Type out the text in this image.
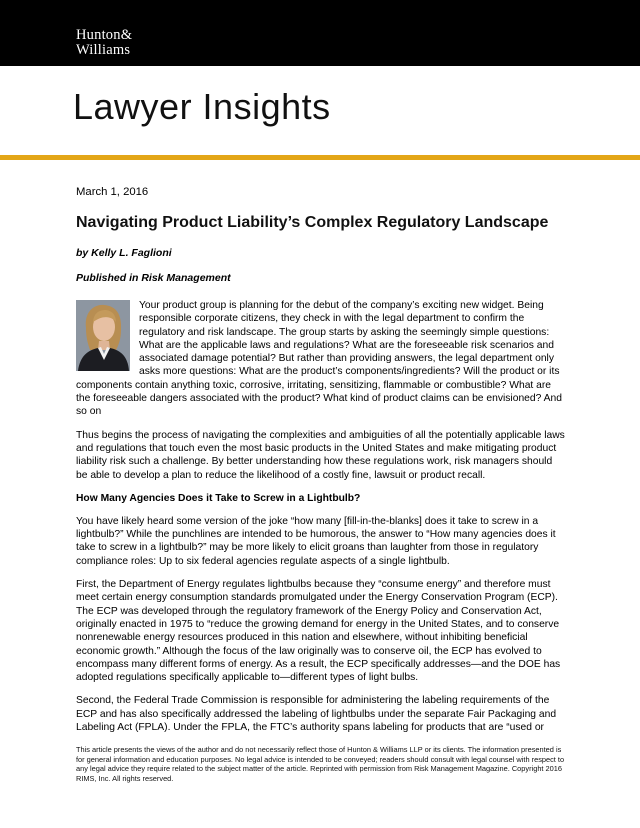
Hunton&
Williams
Lawyer Insights

March 1, 2016

Navigating Product Liability’s Complex Regulatory Landscape

by Kelly L. Faglioni

Published in Risk Management

Your product group is planning for the debut of the company’s exciting new widget. Being responsible corporate citizens, they check in with the legal department to confirm the regulatory and risk landscape. The group starts by asking the seemingly simple questions: What are the applicable laws and regulations? What are the foreseeable risk scenarios and associated damage potential? But rather than providing answers, the legal department only asks more questions: What are the product’s components/ingredients? Will the product or its components contain anything toxic, corrosive, irritating, sensitizing, flammable or combustible? What are the foreseeable dangers associated with the product? What kind of product claims can be envisioned? And so on

Thus begins the process of navigating the complexities and ambiguities of all the potentially applicable laws and regulations that touch even the most basic products in the United States and make mitigating product liability risk such a challenge. By better understanding how these regulations work, risk managers should be able to develop a plan to reduce the likelihood of a costly fine, lawsuit or product recall.

How Many Agencies Does it Take to Screw in a Lightbulb?

You have likely heard some version of the joke “how many [fill-in-the-blanks] does it take to screw in a lightbulb?” While the punchlines are intended to be humorous, the answer to “How many agencies does it take to screw in a lightbulb?” may be more likely to elicit groans than laughter from those in regulatory compliance roles: Up to six federal agencies regulate aspects of a single lightbulb.

First, the Department of Energy regulates lightbulbs because they “consume energy” and therefore must meet certain energy consumption standards promulgated under the Energy Conservation Program (ECP). The ECP was developed through the regulatory framework of the Energy Policy and Conservation Act, originally enacted in 1975 to “reduce the growing demand for energy in the United States, and to conserve nonrenewable energy resources produced in this nation and elsewhere, without inhibiting beneficial economic growth.” Although the focus of the law originally was to conserve oil, the ECP has evolved to encompass many different forms of energy. As a result, the ECP specifically addresses—and the DOE has adopted regulations specifically applicable to—different types of light bulbs.

Second, the Federal Trade Commission is responsible for administering the labeling requirements of the ECP and has also specifically addressed the labeling of lightbulbs under the separate Fair Packaging and Labeling Act (FPLA). Under the FPLA, the FTC’s authority spans labeling for products that are “used or

This article presents the views of the author and do not necessarily reflect those of Hunton & Williams LLP or its clients. The information presented is for general information and education purposes. No legal advice is intended to be conveyed; readers should consult with legal counsel with respect to any legal advice they require related to the subject matter of the article. Reprinted with permission from Risk Management Magazine. Copyright 2016 RIMS, Inc. All rights reserved.
